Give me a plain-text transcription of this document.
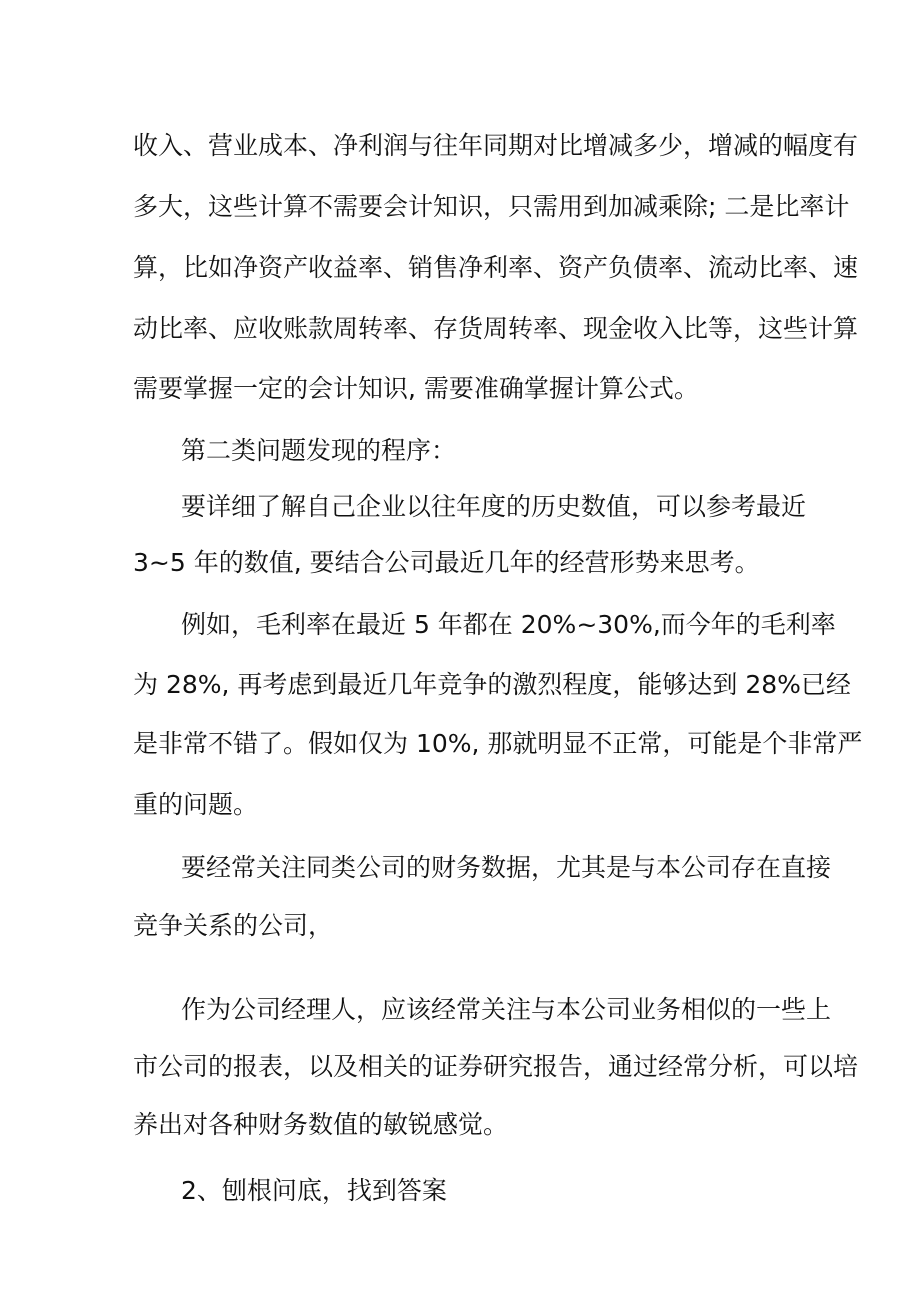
收入、营业成本、净利润与往年同期对比增减多少，增减的幅度有

多大，这些计算不需要会计知识，只需用到加减乘除; 二是比率计

算，比如净资产收益率、销售净利率、资产负债率、流动比率、速

动比率、应收账款周转率、存货周转率、现金收入比等，这些计算

需要掌握一定的会计知识, 需要准确掌握计算公式。

第二类问题发现的程序：

要详细了解自己企业以往年度的历史数值，可以参考最近

3~5 年的数值, 要结合公司最近几年的经营形势来思考。

例如，毛利率在最近 5 年都在 20%~30%,而今年的毛利率

为 28%, 再考虑到最近几年竞争的激烈程度，能够达到 28%已经

是非常不错了。假如仅为 10%, 那就明显不正常，可能是个非常严

重的问题。

要经常关注同类公司的财务数据，尤其是与本公司存在直接

竞争关系的公司，

作为公司经理人，应该经常关注与本公司业务相似的一些上

市公司的报表，以及相关的证券研究报告，通过经常分析，可以培

养出对各种财务数值的敏锐感觉。

2、刨根问底，找到答案
